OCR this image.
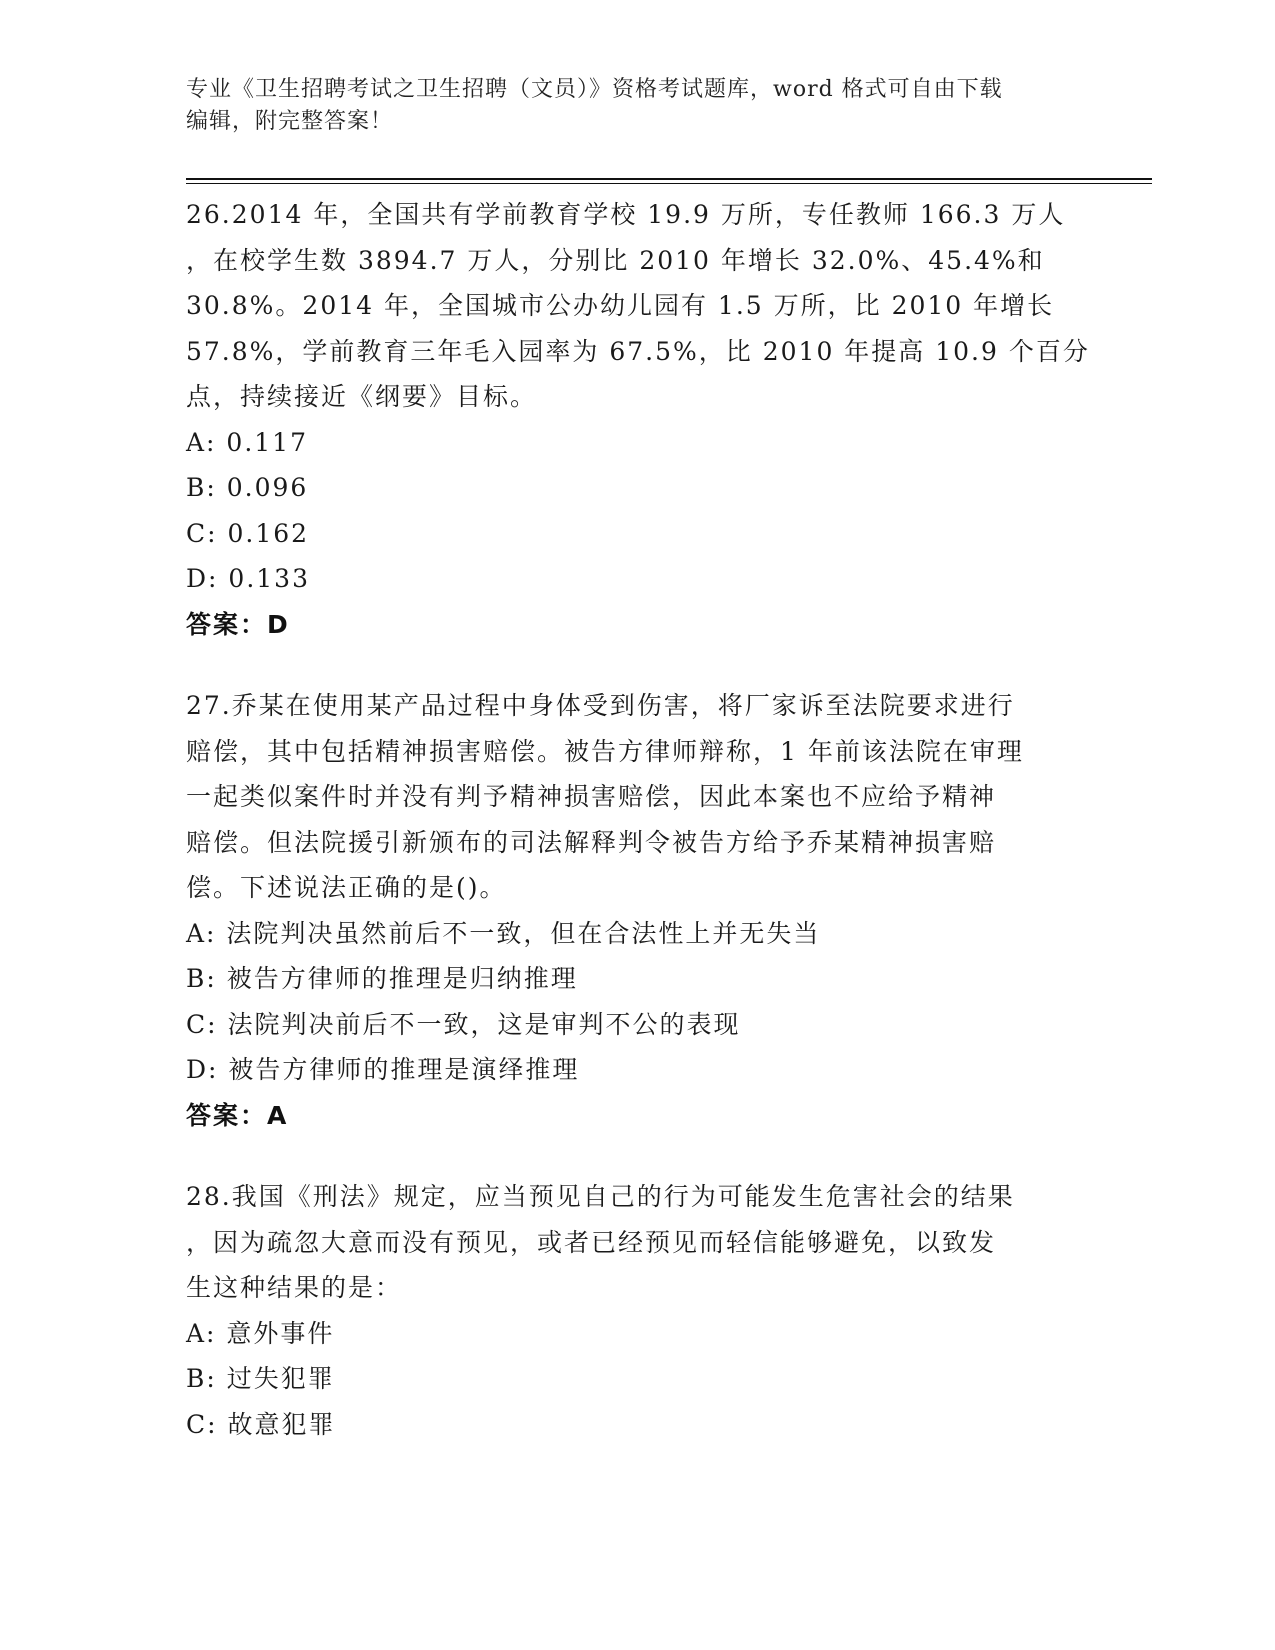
专业《卫生招聘考试之卫生招聘（文员）》资格考试题库，word 格式可自由下载
编辑，附完整答案！
26.2014 年，全国共有学前教育学校 19.9 万所，专任教师 166.3 万人
，在校学生数 3894.7 万人，分别比 2010 年增长 32.0%、45.4%和
30.8%。2014 年，全国城市公办幼儿园有 1.5 万所，比 2010 年增长
57.8%，学前教育三年毛入园率为 67.5%，比 2010 年提高 10.9 个百分
点，持续接近《纲要》目标。
A: 0.117
B: 0.096
C: 0.162
D: 0.133
答案：D
27.乔某在使用某产品过程中身体受到伤害，将厂家诉至法院要求进行
赔偿，其中包括精神损害赔偿。被告方律师辩称，1 年前该法院在审理
一起类似案件时并没有判予精神损害赔偿，因此本案也不应给予精神
赔偿。但法院援引新颁布的司法解释判令被告方给予乔某精神损害赔
偿。下述说法正确的是()。
A: 法院判决虽然前后不一致，但在合法性上并无失当
B: 被告方律师的推理是归纳推理
C: 法院判决前后不一致，这是审判不公的表现
D: 被告方律师的推理是演绎推理
答案：A
28.我国《刑法》规定，应当预见自己的行为可能发生危害社会的结果
，因为疏忽大意而没有预见，或者已经预见而轻信能够避免，以致发
生这种结果的是：
A: 意外事件
B: 过失犯罪
C: 故意犯罪
